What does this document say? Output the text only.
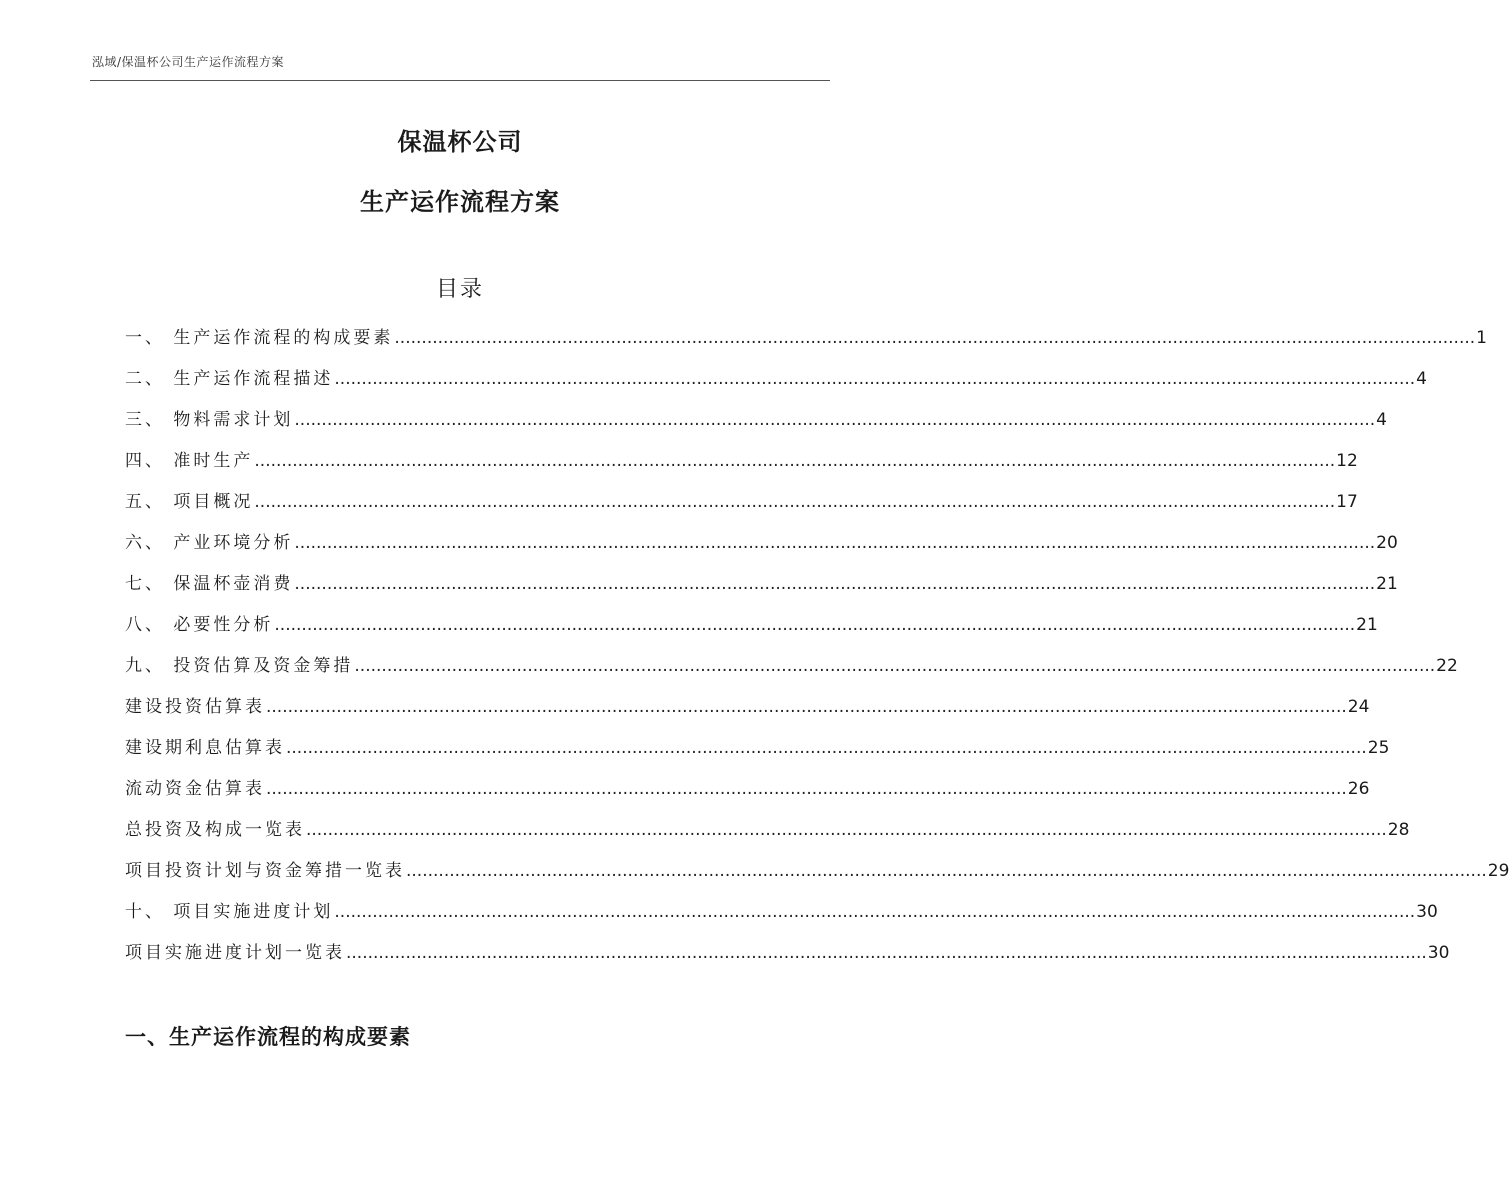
泓域/保温杯公司生产运作流程方案
保温杯公司
生产运作流程方案
目录
一、 生产运作流程的构成要素 ........................................................................................................................................................................................................ 1
二、 生产运作流程描述 ........................................................................................................................................................................................................ 4
三、 物料需求计划 ........................................................................................................................................................................................................ 4
四、 准时生产 ........................................................................................................................................................................................................ 12
五、 项目概况 ........................................................................................................................................................................................................ 17
六、 产业环境分析 ........................................................................................................................................................................................................ 20
七、 保温杯壶消费 ........................................................................................................................................................................................................ 21
八、 必要性分析 ........................................................................................................................................................................................................ 21
九、 投资估算及资金筹措 ........................................................................................................................................................................................................ 22
建设投资估算表 ........................................................................................................................................................................................................ 24
建设期利息估算表 ........................................................................................................................................................................................................ 25
流动资金估算表 ........................................................................................................................................................................................................ 26
总投资及构成一览表 ........................................................................................................................................................................................................ 28
项目投资计划与资金筹措一览表 ........................................................................................................................................................................................................ 29
十、 项目实施进度计划 ........................................................................................................................................................................................................ 30
项目实施进度计划一览表 ........................................................................................................................................................................................................ 30
一、生产运作流程的构成要素
